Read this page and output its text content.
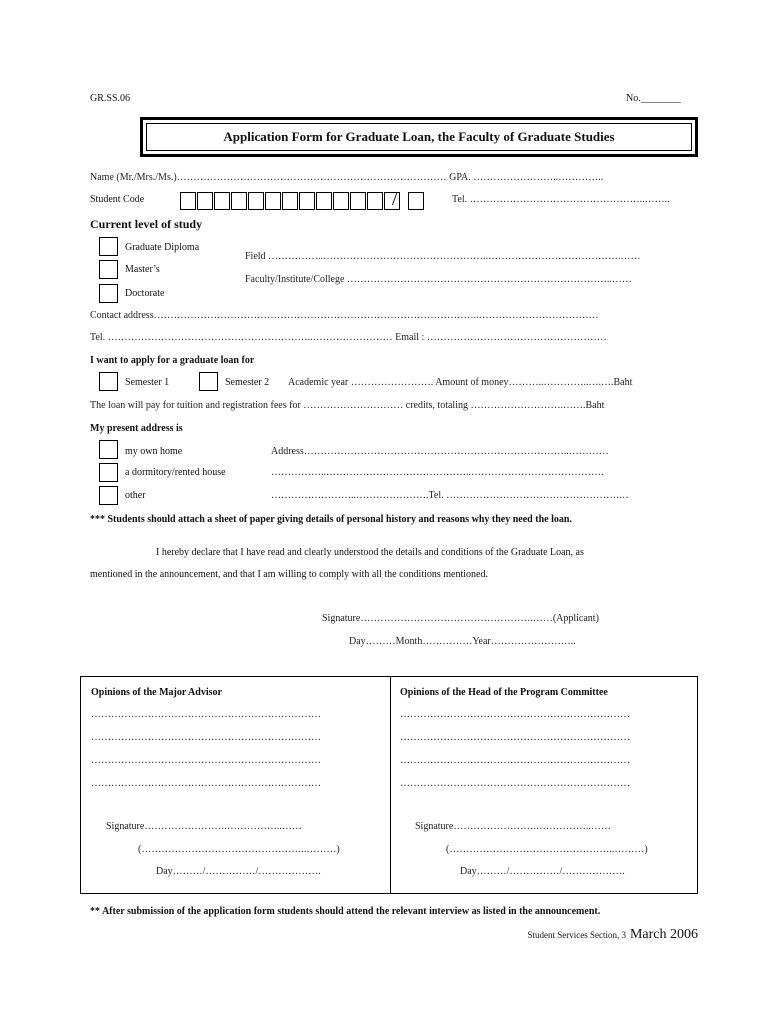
GR.SS.06	No.________
Application Form for Graduate Loan, the Faculty of Graduate Studies
Name (Mr./Mrs./Ms.)……………………………………………………………………… GPA. ……………………..…………..
Student Code	/	Tel. ……………………………………………..……..
Current level of study
Graduate Diploma
Master’s
Doctorate
Field ……………..…………………………………………..………………………………….……
Faculty/Institute/College ……………………………………………………………………..……
Contact address……………………………………………………………………………………..………………………………
Tel. ……………………………………………………..…………………… Email : ………………………………………………
I want to apply for a graduate loan for
Semester 1	Semester 2 Academic year ……………………. Amount of money………..…………..….….Baht
The loan will pay for tuition and registration fees for ………………………… credits, totaling ……………………….…….Baht
My present address is
my own home
a dormitory/rented house
other
Address……………………………………………………………………..…………
……………..……………………………………..………………………………….
……………………..………………….Tel. …………………………………………….…
*** Students should attach a sheet of paper giving details of personal history and reasons why they need the loan.
I hereby declare that I have read and clearly understood the details and conditions of the Graduate Loan, as
mentioned in the announcement, and that I am willing to comply with all the conditions mentioned.
Signature…………………………………………….……(Applicant)
Day………Month……………Year……………………..
Opinions of the Major Advisor
……………………………………………………………
……………………………………………………………
……………………………………………………………
……………………………………………………………
Signature…………………….……………..……
(…………………………………………..………)
Day………/……………/……………….
Opinions of the Head of the Program Committee
……………………………………………………………
……………………………………………………………
……………………………………………………………
……………………………………………………………
Signature…………………….……………..……
(…………………………………………..………)
Day………/……………/……………….
** After submission of the application form students should attend the relevant interview as listed in the announcement.
Student Services Section, 3 March 2006
